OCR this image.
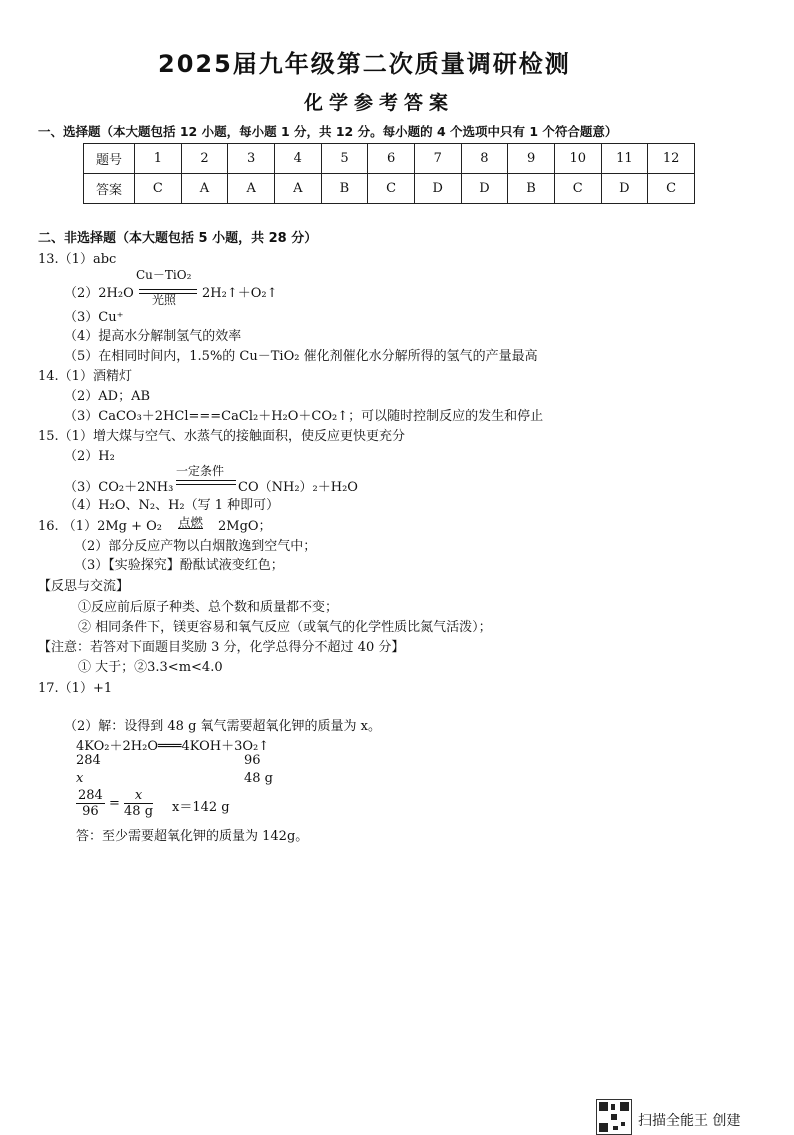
2025届九年级第二次质量调研检测
化学参考答案
一、选择题（本大题包括 12 小题，每小题 1 分，共 12 分。每小题的 4 个选项中只有 1 个符合题意）
题号	1	2	3	4	5	6	7	8	9	10	11	12
答案	C	A	A	A	B	C	D	D	B	C	D	C
二、非选择题（本大题包括 5 小题，共 28 分）
13.（1）abc
Cu－TiO₂
（2）2H₂O 光照 2H₂↑＋O₂↑
（3）Cu⁺
（4）提高水分解制氢气的效率
（5）在相同时间内，1.5%的 Cu－TiO₂ 催化剂催化水分解所得的氢气的产量最高
14.（1）酒精灯
（2）AD；AB
（3）CaCO₃＋2HCl===CaCl₂＋H₂O＋CO₂↑；可以随时控制反应的发生和停止
15.（1）增大煤与空气、水蒸气的接触面积，使反应更快更充分
（2）H₂
一定条件
（3）CO₂＋2NH₃	CO（NH₂）₂＋H₂O
（4）H₂O、N₂、H₂（写 1 种即可）
16. （1）2Mg + O₂ 点燃 2MgO；
（2）部分反应产物以白烟散逸到空气中；
（3）【实验探究】酚酞试液变红色；
【反思与交流】
①反应前后原子种类、总个数和质量都不变；
② 相同条件下，镁更容易和氧气反应（或氧气的化学性质比氮气活泼）；
【注意：若答对下面题目奖励 3 分，化学总得分不超过 40 分】
① 大于；②3.3<m<4.0
17.（1）+1
（2）解：设得到 48 g 氧气需要超氧化钾的质量为 x。
4KO₂＋2H₂O═══4KOH＋3O₂↑
284	96
x	48 g
$\frac{284}{96} = \frac{x}{48 g} x=142$ g
答：至少需要超氧化钾的质量为 142g。
扫描全能王 创建
